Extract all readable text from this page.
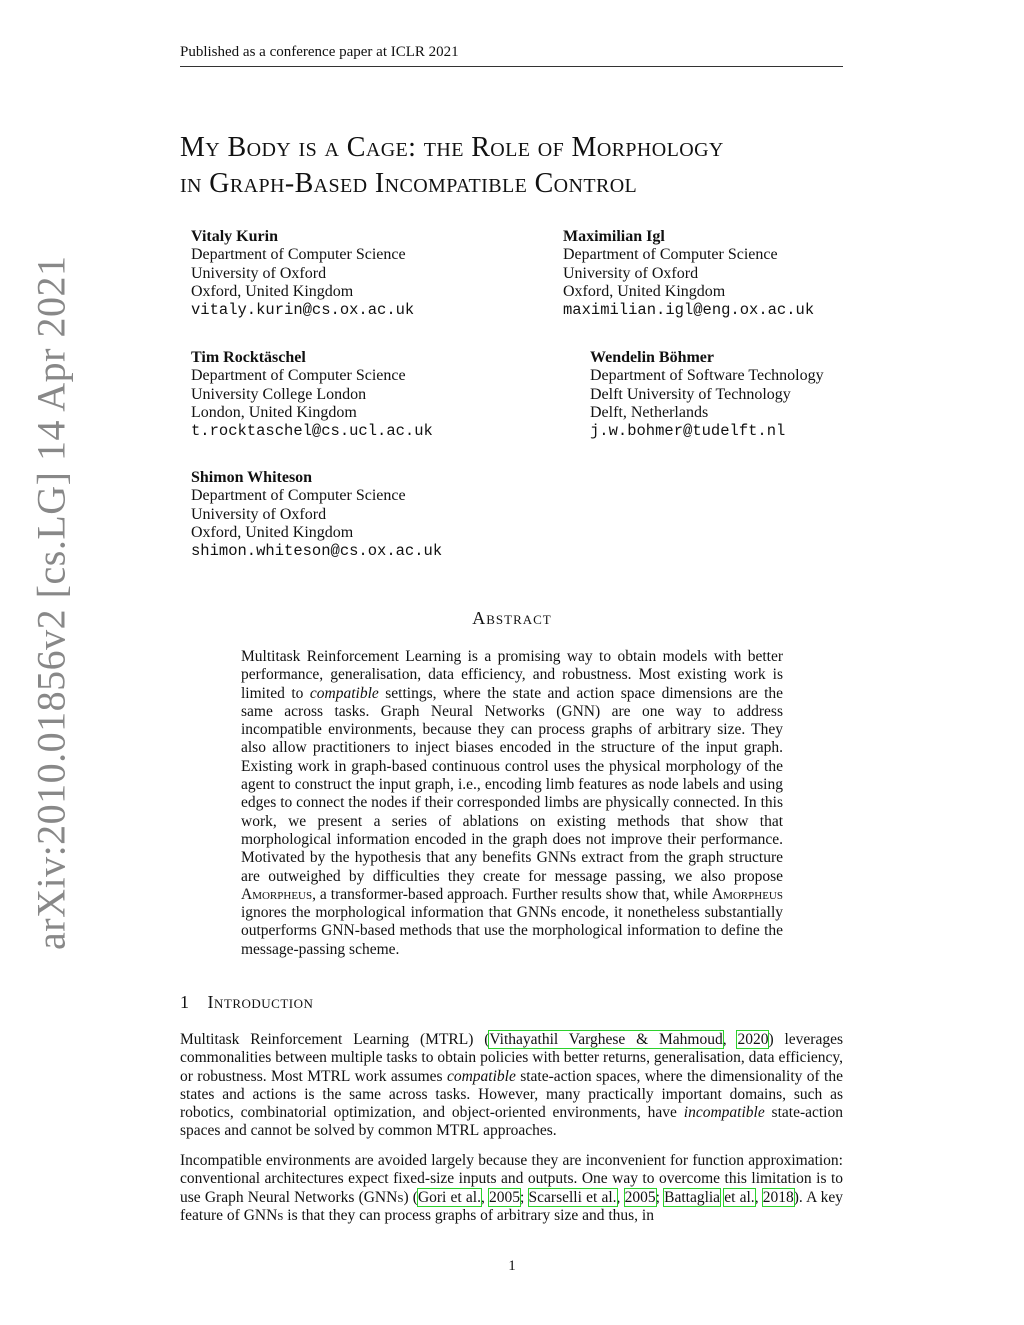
Published as a conference paper at ICLR 2021
arXiv:2010.01856v2 [cs.LG] 14 Apr 2021
My Body is a Cage: the Role of Morphology
in Graph-Based Incompatible Control
Vitaly Kurin
Department of Computer Science
University of Oxford
Oxford, United Kingdom
vitaly.kurin@cs.ox.ac.uk
Maximilian Igl
Department of Computer Science
University of Oxford
Oxford, United Kingdom
maximilian.igl@eng.ox.ac.uk
Tim Rocktäschel
Department of Computer Science
University College London
London, United Kingdom
t.rocktaschel@cs.ucl.ac.uk
Wendelin Böhmer
Department of Software Technology
Delft University of Technology
Delft, Netherlands
j.w.bohmer@tudelft.nl
Shimon Whiteson
Department of Computer Science
University of Oxford
Oxford, United Kingdom
shimon.whiteson@cs.ox.ac.uk
Abstract
Multitask Reinforcement Learning is a promising way to obtain models with better performance, generalisation, data efficiency, and robustness. Most existing work is limited to compatible settings, where the state and action space dimensions are the same across tasks. Graph Neural Networks (GNN) are one way to address incompatible environments, because they can process graphs of arbitrary size. They also allow practitioners to inject biases encoded in the structure of the input graph. Existing work in graph-based continuous control uses the physical morphology of the agent to construct the input graph, i.e., encoding limb features as node labels and using edges to connect the nodes if their corresponded limbs are physically connected. In this work, we present a series of ablations on existing methods that show that morphological information encoded in the graph does not improve their performance. Motivated by the hypothesis that any benefits GNNs extract from the graph structure are outweighed by difficulties they create for message passing, we also propose Amorpheus, a transformer-based approach. Further results show that, while Amorpheus ignores the morphological information that GNNs encode, it nonetheless substantially outperforms GNN-based methods that use the morphological information to define the message-passing scheme.
1 Introduction
Multitask Reinforcement Learning (MTRL) (Vithayathil Varghese & Mahmoud, 2020) leverages commonalities between multiple tasks to obtain policies with better returns, generalisation, data efficiency, or robustness. Most MTRL work assumes compatible state-action spaces, where the dimensionality of the states and actions is the same across tasks. However, many practically important domains, such as robotics, combinatorial optimization, and object-oriented environments, have incompatible state-action spaces and cannot be solved by common MTRL approaches.
Incompatible environments are avoided largely because they are inconvenient for function approximation: conventional architectures expect fixed-size inputs and outputs. One way to overcome this limitation is to use Graph Neural Networks (GNNs) (Gori et al., 2005; Scarselli et al., 2005; Battaglia et al., 2018). A key feature of GNNs is that they can process graphs of arbitrary size and thus, in
1
